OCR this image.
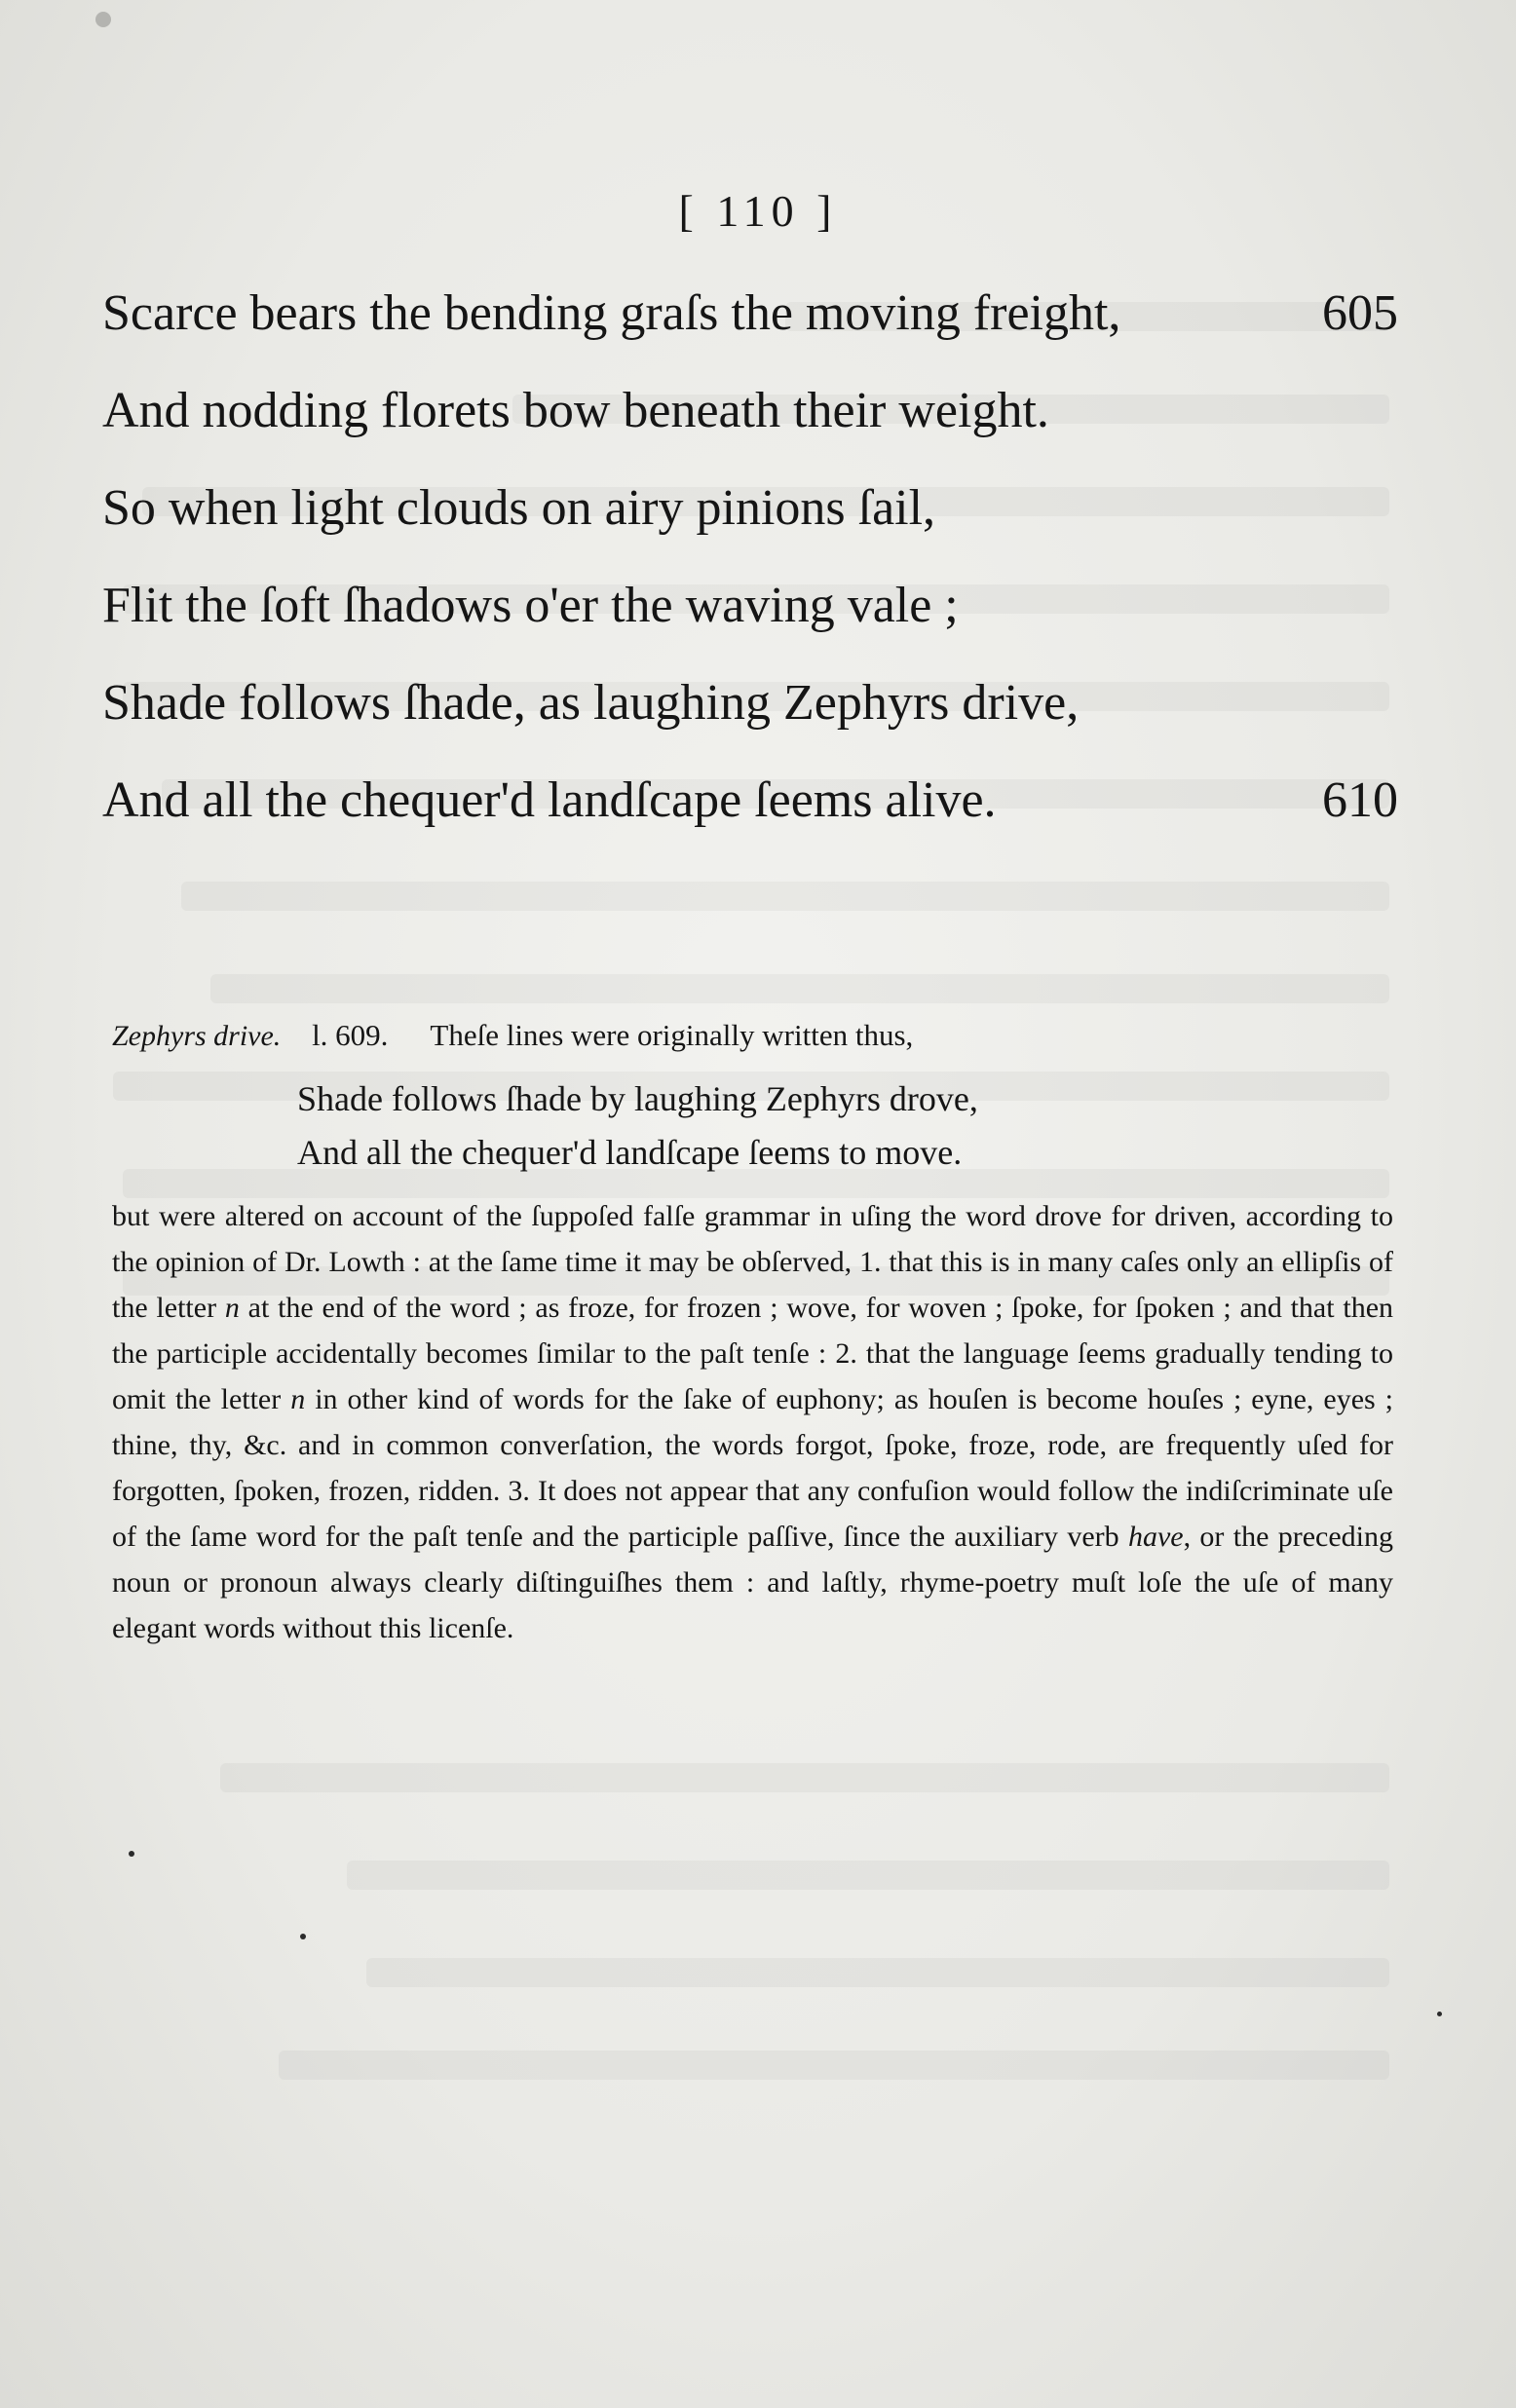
[ 110 ]
Scarce bears the bending graſs the moving freight,	605
And nodding florets bow beneath their weight.
So when light clouds on airy pinions ſail,
Flit the ſoft ſhadows o'er the waving vale ;
Shade follows ſhade, as laughing Zephyrs drive,
And all the chequer'd landſcape ſeems alive.	610
Zephyrs drive. l. 609. Theſe lines were originally written thus,
Shade follows ſhade by laughing Zephyrs drove,
And all the chequer'd landſcape ſeems to move.
but were altered on account of the ſuppoſed falſe grammar in uſing the word drove for driven, according to the opinion of Dr. Lowth : at the ſame time it may be obſerved, 1. that this is in many caſes only an ellipſis of the letter n at the end of the word ; as froze, for frozen ; wove, for woven ; ſpoke, for ſpoken ; and that then the participle accidentally becomes ſimilar to the paſt tenſe : 2. that the language ſeems gradually tending to omit the letter n in other kind of words for the ſake of euphony; as houſen is become houſes ; eyne, eyes ; thine, thy, &c. and in common converſation, the words forgot, ſpoke, froze, rode, are frequently uſed for forgotten, ſpoken, frozen, ridden. 3. It does not appear that any confuſion would follow the indiſcriminate uſe of the ſame word for the paſt tenſe and the participle paſſive, ſince the auxiliary verb have, or the preceding noun or pronoun always clearly diſtinguiſhes them : and laſtly, rhyme-poetry muſt loſe the uſe of many elegant words without this licenſe.
